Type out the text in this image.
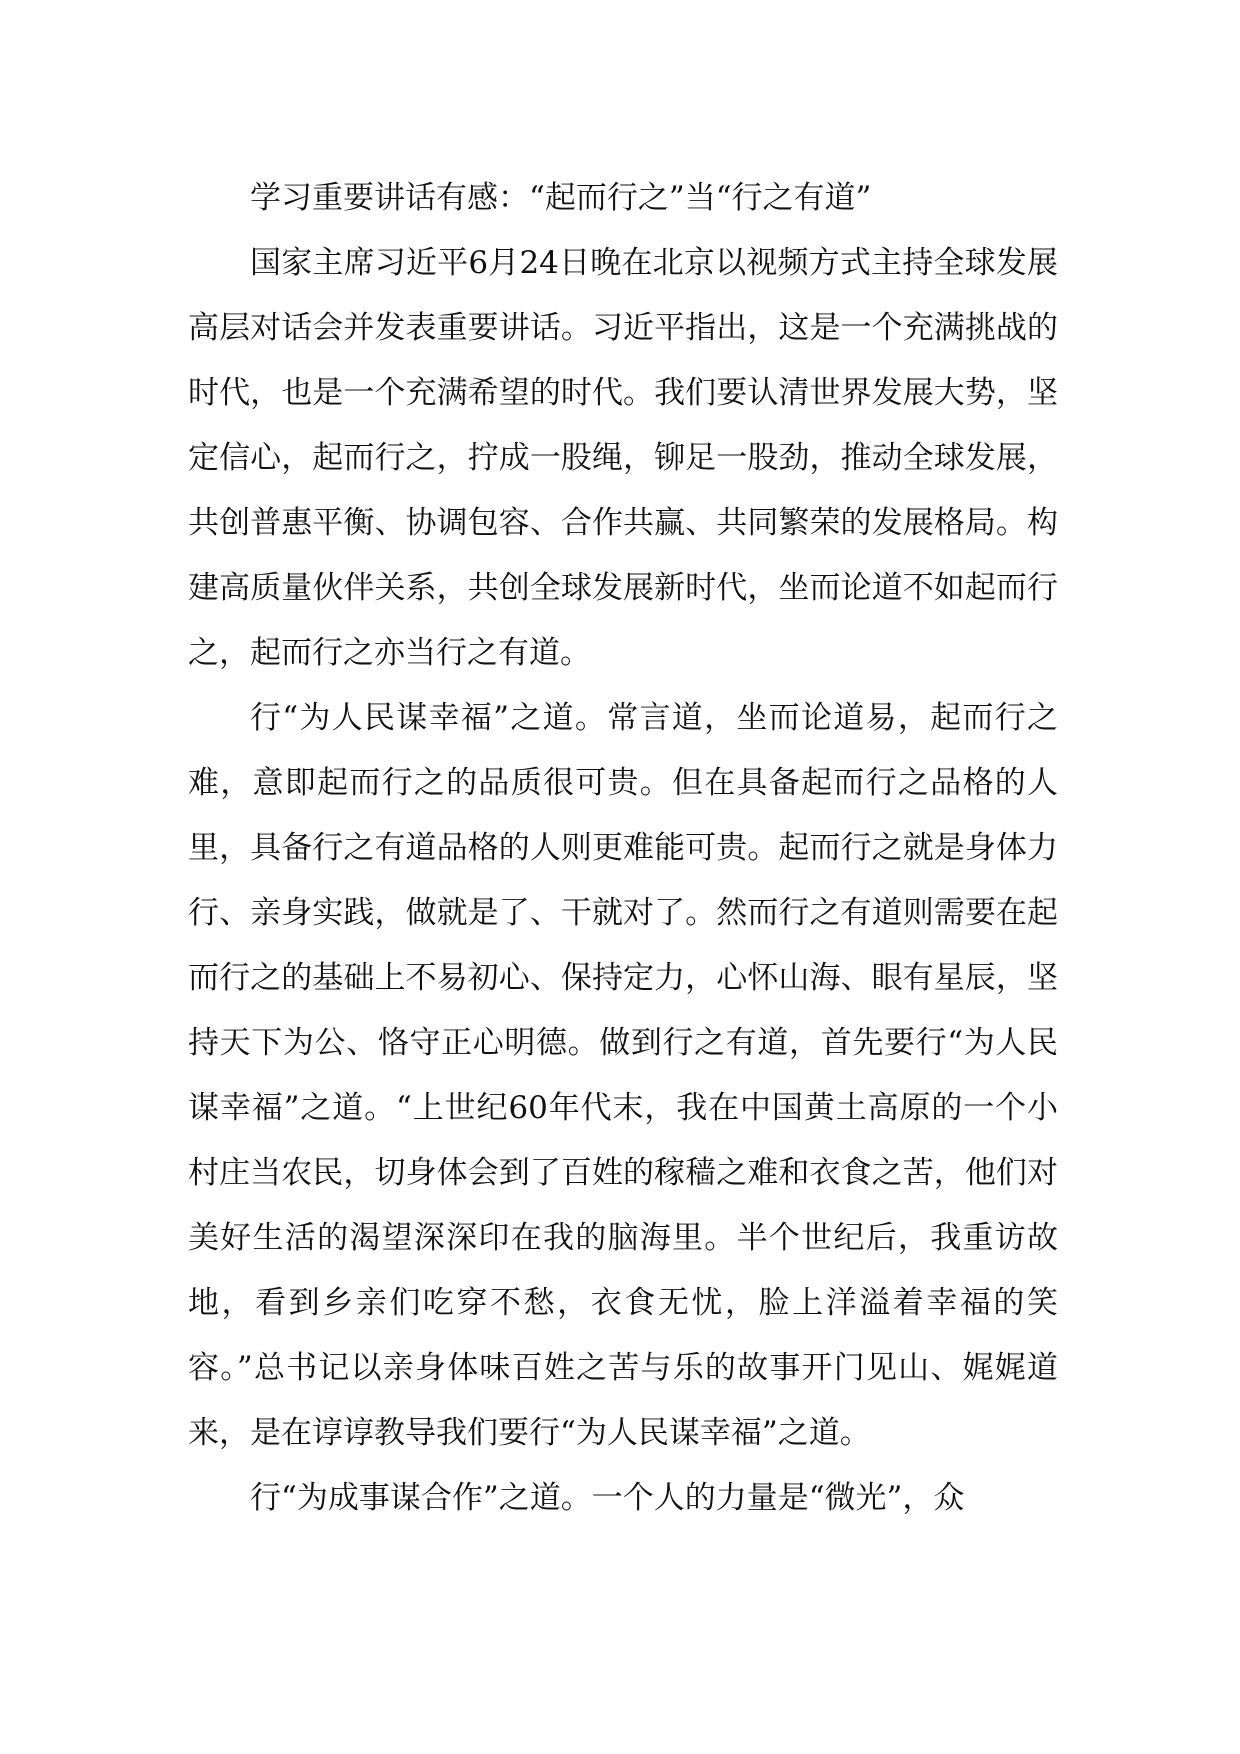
学习重要讲话有感：“起而行之”当“行之有道”

国家主席习近平6月24日晚在北京以视频方式主持全球发展高层对话会并发表重要讲话。习近平指出，这是一个充满挑战的时代，也是一个充满希望的时代。我们要认清世界发展大势，坚定信心，起而行之，拧成一股绳，铆足一股劲，推动全球发展，共创普惠平衡、协调包容、合作共赢、共同繁荣的发展格局。构建高质量伙伴关系，共创全球发展新时代，坐而论道不如起而行之，起而行之亦当行之有道。

行“为人民谋幸福”之道。常言道，坐而论道易，起而行之难，意即起而行之的品质很可贵。但在具备起而行之品格的人里，具备行之有道品格的人则更难能可贵。起而行之就是身体力行、亲身实践，做就是了、干就对了。然而行之有道则需要在起而行之的基础上不易初心、保持定力，心怀山海、眼有星辰，坚持天下为公、恪守正心明德。做到行之有道，首先要行“为人民谋幸福”之道。“上世纪60年代末，我在中国黄土高原的一个小村庄当农民，切身体会到了百姓的稼穑之难和衣食之苦，他们对美好生活的渴望深深印在我的脑海里。半个世纪后，我重访故地，看到乡亲们吃穿不愁，衣食无忧，脸上洋溢着幸福的笑容。”总书记以亲身体味百姓之苦与乐的故事开门见山、娓娓道来，是在谆谆教导我们要行“为人民谋幸福”之道。

行“为成事谋合作”之道。一个人的力量是“微光”，众
